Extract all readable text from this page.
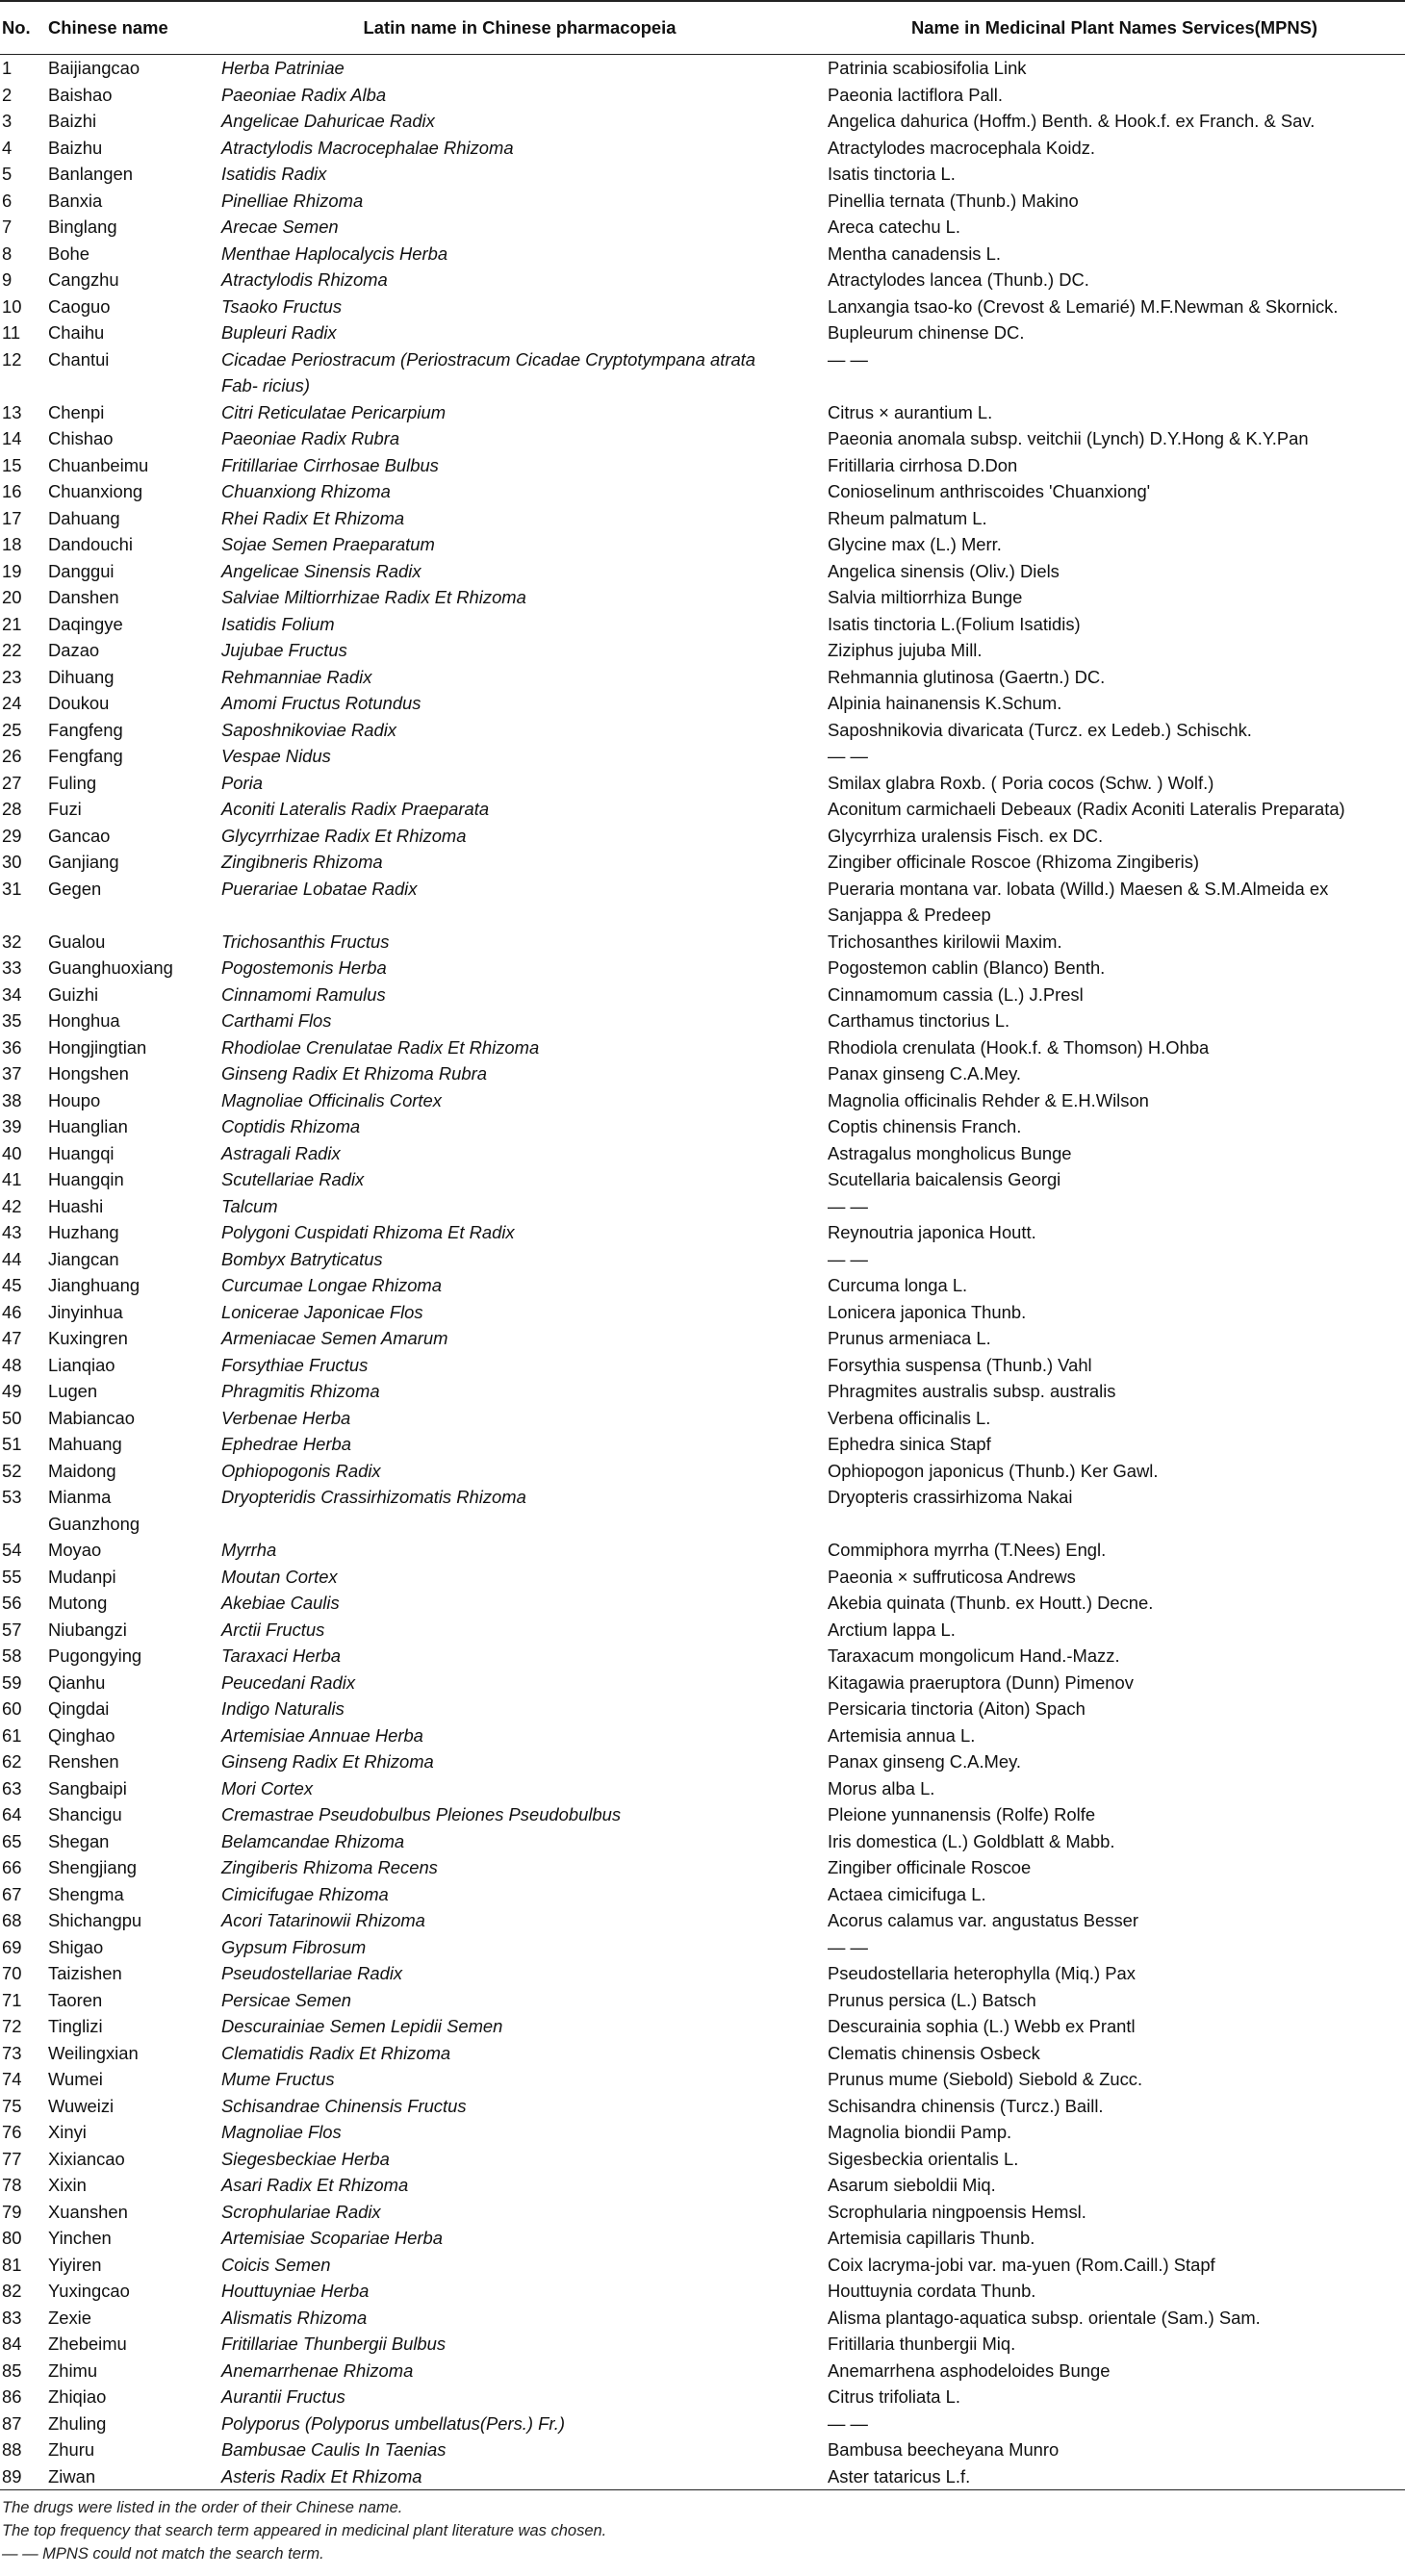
No.	Chinese name	Latin name in Chinese pharmacopeia	Name in Medicinal Plant Names Services(MPNS)
1	Baijiangcao	Herba Patriniae	Patrinia scabiosifolia Link
2	Baishao	Paeoniae Radix Alba	Paeonia lactiflora Pall.
3	Baizhi	Angelicae Dahuricae Radix	Angelica dahurica (Hoffm.) Benth. & Hook.f. ex Franch. & Sav.
4	Baizhu	Atractylodis Macrocephalae Rhizoma	Atractylodes macrocephala Koidz.
5	Banlangen	Isatidis Radix	Isatis tinctoria L.
6	Banxia	Pinelliae Rhizoma	Pinellia ternata (Thunb.) Makino
7	Binglang	Arecae Semen	Areca catechu L.
8	Bohe	Menthae Haplocalycis Herba	Mentha canadensis L.
9	Cangzhu	Atractylodis Rhizoma	Atractylodes lancea (Thunb.) DC.
10	Caoguo	Tsaoko Fructus	Lanxangia tsao-ko (Crevost & Lemarié) M.F.Newman & Skornick.
11	Chaihu	Bupleuri Radix	Bupleurum chinense DC.
12	Chantui	Cicadae Periostracum (Periostracum Cicadae Cryptotympana atrata
Fab- ricius)	— —
13	Chenpi	Citri Reticulatae Pericarpium	Citrus × aurantium L.
14	Chishao	Paeoniae Radix Rubra	Paeonia anomala subsp. veitchii (Lynch) D.Y.Hong & K.Y.Pan
15	Chuanbeimu	Fritillariae Cirrhosae Bulbus	Fritillaria cirrhosa D.Don
16	Chuanxiong	Chuanxiong Rhizoma	Conioselinum anthriscoides 'Chuanxiong'
17	Dahuang	Rhei Radix Et Rhizoma	Rheum palmatum L.
18	Dandouchi	Sojae Semen Praeparatum	Glycine max (L.) Merr.
19	Danggui	Angelicae Sinensis Radix	Angelica sinensis (Oliv.) Diels
20	Danshen	Salviae Miltiorrhizae Radix Et Rhizoma	Salvia miltiorrhiza Bunge
21	Daqingye	Isatidis Folium	Isatis tinctoria L.(Folium Isatidis)
22	Dazao	Jujubae Fructus	Ziziphus jujuba Mill.
23	Dihuang	Rehmanniae Radix	Rehmannia glutinosa (Gaertn.) DC.
24	Doukou	Amomi Fructus Rotundus	Alpinia hainanensis K.Schum.
25	Fangfeng	Saposhnikoviae Radix	Saposhnikovia divaricata (Turcz. ex Ledeb.) Schischk.
26	Fengfang	Vespae Nidus	— —
27	Fuling	Poria	Smilax glabra Roxb. ( Poria cocos (Schw. ) Wolf.)
28	Fuzi	Aconiti Lateralis Radix Praeparata	Aconitum carmichaeli Debeaux (Radix Aconiti Lateralis Preparata)
29	Gancao	Glycyrrhizae Radix Et Rhizoma	Glycyrrhiza uralensis Fisch. ex DC.
30	Ganjiang	Zingibneris Rhizoma	Zingiber officinale Roscoe (Rhizoma Zingiberis)
31	Gegen	Puerariae Lobatae Radix	Pueraria montana var. lobata (Willd.) Maesen & S.M.Almeida ex
Sanjappa & Predeep
32	Gualou	Trichosanthis Fructus	Trichosanthes kirilowii Maxim.
33	Guanghuoxiang	Pogostemonis Herba	Pogostemon cablin (Blanco) Benth.
34	Guizhi	Cinnamomi Ramulus	Cinnamomum cassia (L.) J.Presl
35	Honghua	Carthami Flos	Carthamus tinctorius L.
36	Hongjingtian	Rhodiolae Crenulatae Radix Et Rhizoma	Rhodiola crenulata (Hook.f. & Thomson) H.Ohba
37	Hongshen	Ginseng Radix Et Rhizoma Rubra	Panax ginseng C.A.Mey.
38	Houpo	Magnoliae Officinalis Cortex	Magnolia officinalis Rehder & E.H.Wilson
39	Huanglian	Coptidis Rhizoma	Coptis chinensis Franch.
40	Huangqi	Astragali Radix	Astragalus mongholicus Bunge
41	Huangqin	Scutellariae Radix	Scutellaria baicalensis Georgi
42	Huashi	Talcum	— —
43	Huzhang	Polygoni Cuspidati Rhizoma Et Radix	Reynoutria japonica Houtt.
44	Jiangcan	Bombyx Batryticatus	— —
45	Jianghuang	Curcumae Longae Rhizoma	Curcuma longa L.
46	Jinyinhua	Lonicerae Japonicae Flos	Lonicera japonica Thunb.
47	Kuxingren	Armeniacae Semen Amarum	Prunus armeniaca L.
48	Lianqiao	Forsythiae Fructus	Forsythia suspensa (Thunb.) Vahl
49	Lugen	Phragmitis Rhizoma	Phragmites australis subsp. australis
50	Mabiancao	Verbenae Herba	Verbena officinalis L.
51	Mahuang	Ephedrae Herba	Ephedra sinica Stapf
52	Maidong	Ophiopogonis Radix	Ophiopogon japonicus (Thunb.) Ker Gawl.
53	Mianma
Guanzhong	Dryopteridis Crassirhizomatis Rhizoma	Dryopteris crassirhizoma Nakai
54	Moyao	Myrrha	Commiphora myrrha (T.Nees) Engl.
55	Mudanpi	Moutan Cortex	Paeonia × suffruticosa Andrews
56	Mutong	Akebiae Caulis	Akebia quinata (Thunb. ex Houtt.) Decne.
57	Niubangzi	Arctii Fructus	Arctium lappa L.
58	Pugongying	Taraxaci Herba	Taraxacum mongolicum Hand.-Mazz.
59	Qianhu	Peucedani Radix	Kitagawia praeruptora (Dunn) Pimenov
60	Qingdai	Indigo Naturalis	Persicaria tinctoria (Aiton) Spach
61	Qinghao	Artemisiae Annuae Herba	Artemisia annua L.
62	Renshen	Ginseng Radix Et Rhizoma	Panax ginseng C.A.Mey.
63	Sangbaipi	Mori Cortex	Morus alba L.
64	Shancigu	Cremastrae Pseudobulbus Pleiones Pseudobulbus	Pleione yunnanensis (Rolfe) Rolfe
65	Shegan	Belamcandae Rhizoma	Iris domestica (L.) Goldblatt & Mabb.
66	Shengjiang	Zingiberis Rhizoma Recens	Zingiber officinale Roscoe
67	Shengma	Cimicifugae Rhizoma	Actaea cimicifuga L.
68	Shichangpu	Acori Tatarinowii Rhizoma	Acorus calamus var. angustatus Besser
69	Shigao	Gypsum Fibrosum	— —
70	Taizishen	Pseudostellariae Radix	Pseudostellaria heterophylla (Miq.) Pax
71	Taoren	Persicae Semen	Prunus persica (L.) Batsch
72	Tinglizi	Descurainiae Semen Lepidii Semen	Descurainia sophia (L.) Webb ex Prantl
73	Weilingxian	Clematidis Radix Et Rhizoma	Clematis chinensis Osbeck
74	Wumei	Mume Fructus	Prunus mume (Siebold) Siebold & Zucc.
75	Wuweizi	Schisandrae Chinensis Fructus	Schisandra chinensis (Turcz.) Baill.
76	Xinyi	Magnoliae Flos	Magnolia biondii Pamp.
77	Xixiancao	Siegesbeckiae Herba	Sigesbeckia orientalis L.
78	Xixin	Asari Radix Et Rhizoma	Asarum sieboldii Miq.
79	Xuanshen	Scrophulariae Radix	Scrophularia ningpoensis Hemsl.
80	Yinchen	Artemisiae Scopariae Herba	Artemisia capillaris Thunb.
81	Yiyiren	Coicis Semen	Coix lacryma-jobi var. ma-yuen (Rom.Caill.) Stapf
82	Yuxingcao	Houttuyniae Herba	Houttuynia cordata Thunb.
83	Zexie	Alismatis Rhizoma	Alisma plantago-aquatica subsp. orientale (Sam.) Sam.
84	Zhebeimu	Fritillariae Thunbergii Bulbus	Fritillaria thunbergii Miq.
85	Zhimu	Anemarrhenae Rhizoma	Anemarrhena asphodeloides Bunge
86	Zhiqiao	Aurantii Fructus	Citrus trifoliata L.
87	Zhuling	Polyporus (Polyporus umbellatus(Pers.) Fr.)	— —
88	Zhuru	Bambusae Caulis In Taenias	Bambusa beecheyana Munro
89	Ziwan	Asteris Radix Et Rhizoma	Aster tataricus L.f.
The drugs were listed in the order of their Chinese name.
The top frequency that search term appeared in medicinal plant literature was chosen.
— — MPNS could not match the search term.
